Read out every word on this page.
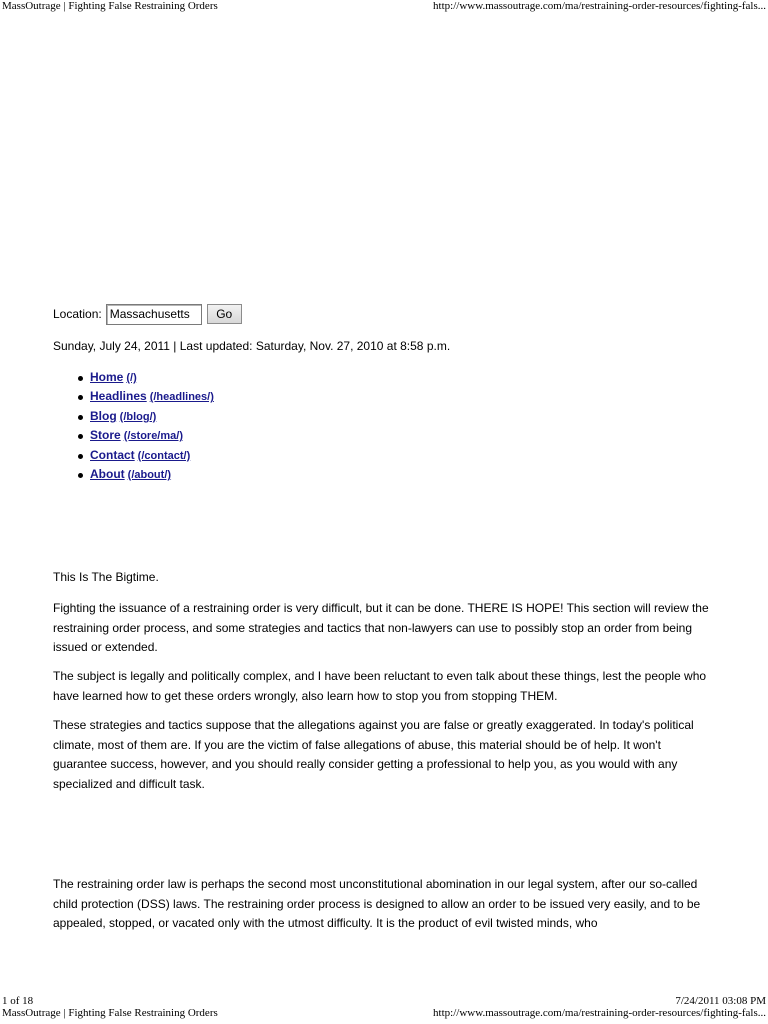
MassOutrage | Fighting False Restraining Orders	http://www.massoutrage.com/ma/restraining-order-resources/fighting-fals...
Location: Massachusetts	Go
Sunday, July 24, 2011 | Last updated: Saturday, Nov. 27, 2010 at 8:58 p.m.
Home (/)
Headlines (/headlines/)
Blog (/blog/)
Store (/store/ma/)
Contact (/contact/)
About (/about/)

This Is The Bigtime.

Fighting the issuance of a restraining order is very difficult, but it can be done. THERE IS HOPE! This section will review the restraining order process, and some strategies and tactics that non-lawyers can use to possibly stop an order from being issued or extended.

The subject is legally and politically complex, and I have been reluctant to even talk about these things, lest the people who have learned how to get these orders wrongly, also learn how to stop you from stopping THEM.

These strategies and tactics suppose that the allegations against you are false or greatly exaggerated. In today's political climate, most of them are. If you are the victim of false allegations of abuse, this material should be of help. It won't guarantee success, however, and you should really consider getting a professional to help you, as you would with any specialized and difficult task.

The restraining order law is perhaps the second most unconstitutional abomination in our legal system, after our so-called child protection (DSS) laws. The restraining order process is designed to allow an order to be issued very easily, and to be appealed, stopped, or vacated only with the utmost difficulty. It is the product of evil twisted minds, who

1 of 18	7/24/2011 03:08 PM
MassOutrage | Fighting False Restraining Orders	http://www.massoutrage.com/ma/restraining-order-resources/fighting-fals...
